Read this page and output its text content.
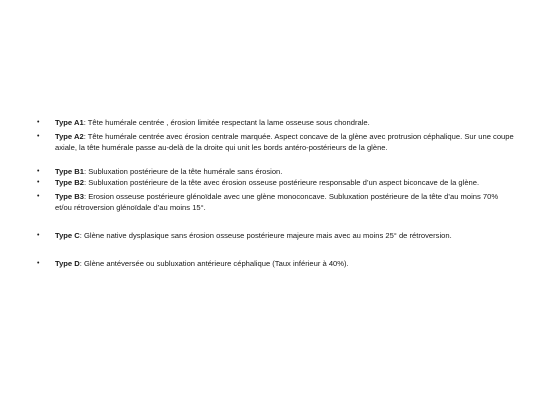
• Type A1: Tête humérale centrée , érosion limitée respectant la lame osseuse sous chondrale.
• Type A2: Tête humérale centrée avec érosion centrale marquée. Aspect concave de la glène avec protrusion céphalique. Sur une coupe axiale, la tête humérale passe au-delà de la droite qui unit les bords antéro-postérieurs de la glène.
• Type B1: Subluxation postérieure de la tête humérale sans érosion.
• Type B2: Subluxation postérieure de la tête avec érosion osseuse postérieure responsable d’un aspect biconcave de la glène.
• Type B3: Erosion osseuse postérieure glénoïdale avec une glène monoconcave. Subluxation postérieure de la tête d’au moins 70% et/ou rétroversion glénoïdale d’au moins 15°.
• Type C: Glène native dysplasique sans érosion osseuse postérieure majeure mais avec au moins 25° de rétroversion.
• Type D: Glène antéversée ou subluxation antérieure céphalique (Taux inférieur à 40%).
